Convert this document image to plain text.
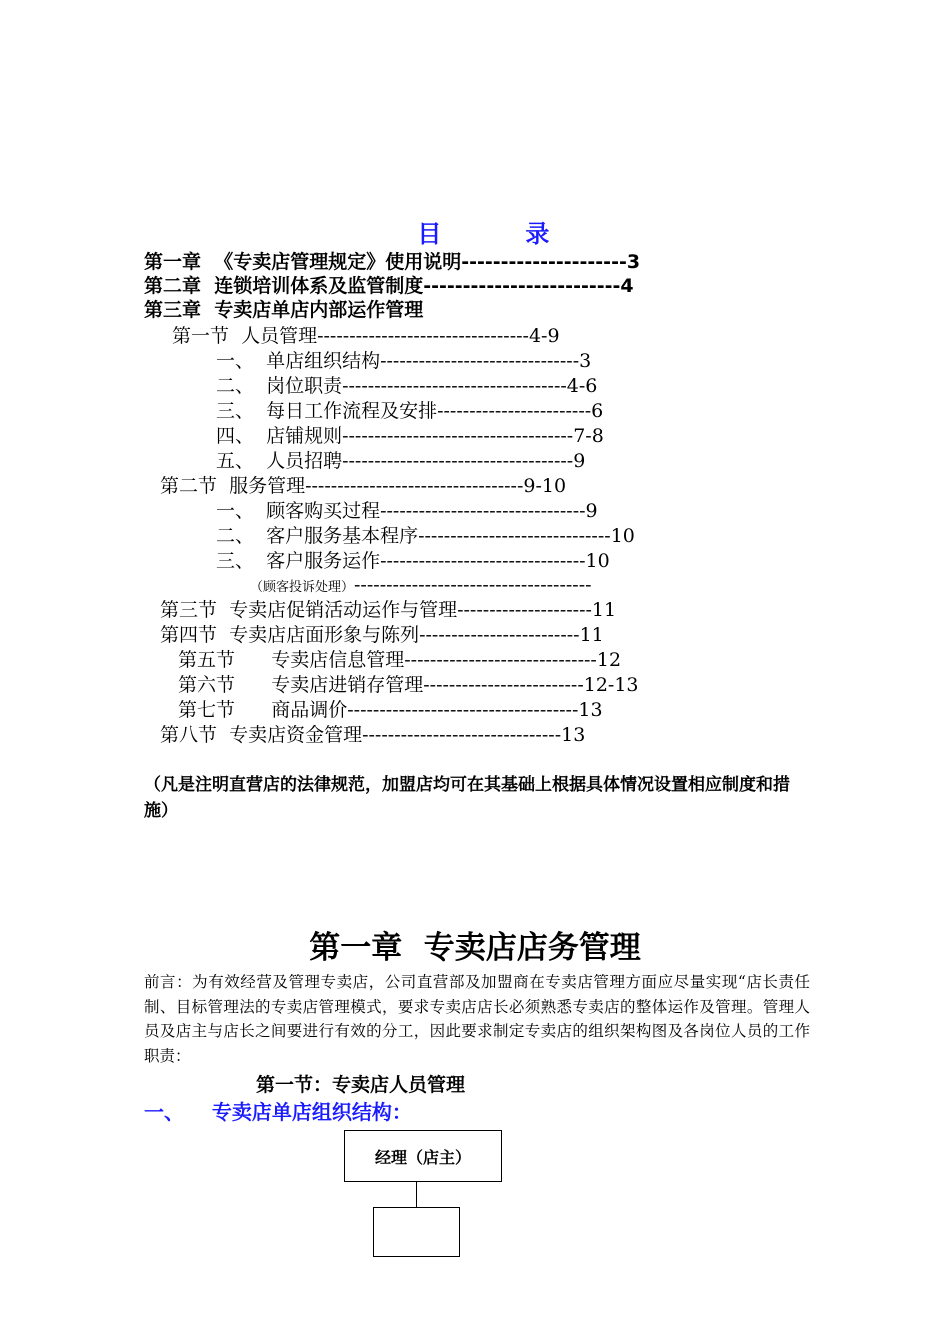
目	录

第一章  《专卖店管理规定》使用说明 --------------------- 3
第二章  连锁培训体系及监管制度 ------------------------- 4
第三章  专卖店单店内部运作管理
第一节  人员管理 --------------------------------- 4-9
一、  单店组织结构 ------------------------------- 3
二、  岗位职责 ----------------------------------- 4-6
三、  每日工作流程及安排 ------------------------ 6
四、  店铺规则 ------------------------------------ 7-8
五、  人员招聘 ------------------------------------ 9
第二节  服务管理 ---------------------------------- 9-10
一、  顾客购买过程 -------------------------------- 9
二、  客户服务基本程序 ------------------------------ 10
三、  客户服务运作 -------------------------------- 10
（顾客投诉处理） -------------------------------------
第三节  专卖店促销活动运作与管理 --------------------- 11
第四节  专卖店店面形象与陈列 ------------------------- 11
第五节      专卖店信息管理 ------------------------------ 12
第六节      专卖店进销存管理 ------------------------- 12-13
第七节      商品调价 ------------------------------------ 13
第八节  专卖店资金管理 ------------------------------- 13
（凡是注明直营店的法律规范，加盟店均可在其基础上根据具体情况设置相应制度和措施）
第一章  专卖店店务管理
前言：为有效经营及管理专卖店，公司直营部及加盟商在专卖店管理方面应尽量实现“店长责任制、目标管理法的专卖店管理模式，要求专卖店店长必须熟悉专卖店的整体运作及管理。管理人员及店主与店长之间要进行有效的分工，因此要求制定专卖店的组织架构图及各岗位人员的工作职责：
第一节：专卖店人员管理
一、    专卖店单店组织结构：
经理（店主）
